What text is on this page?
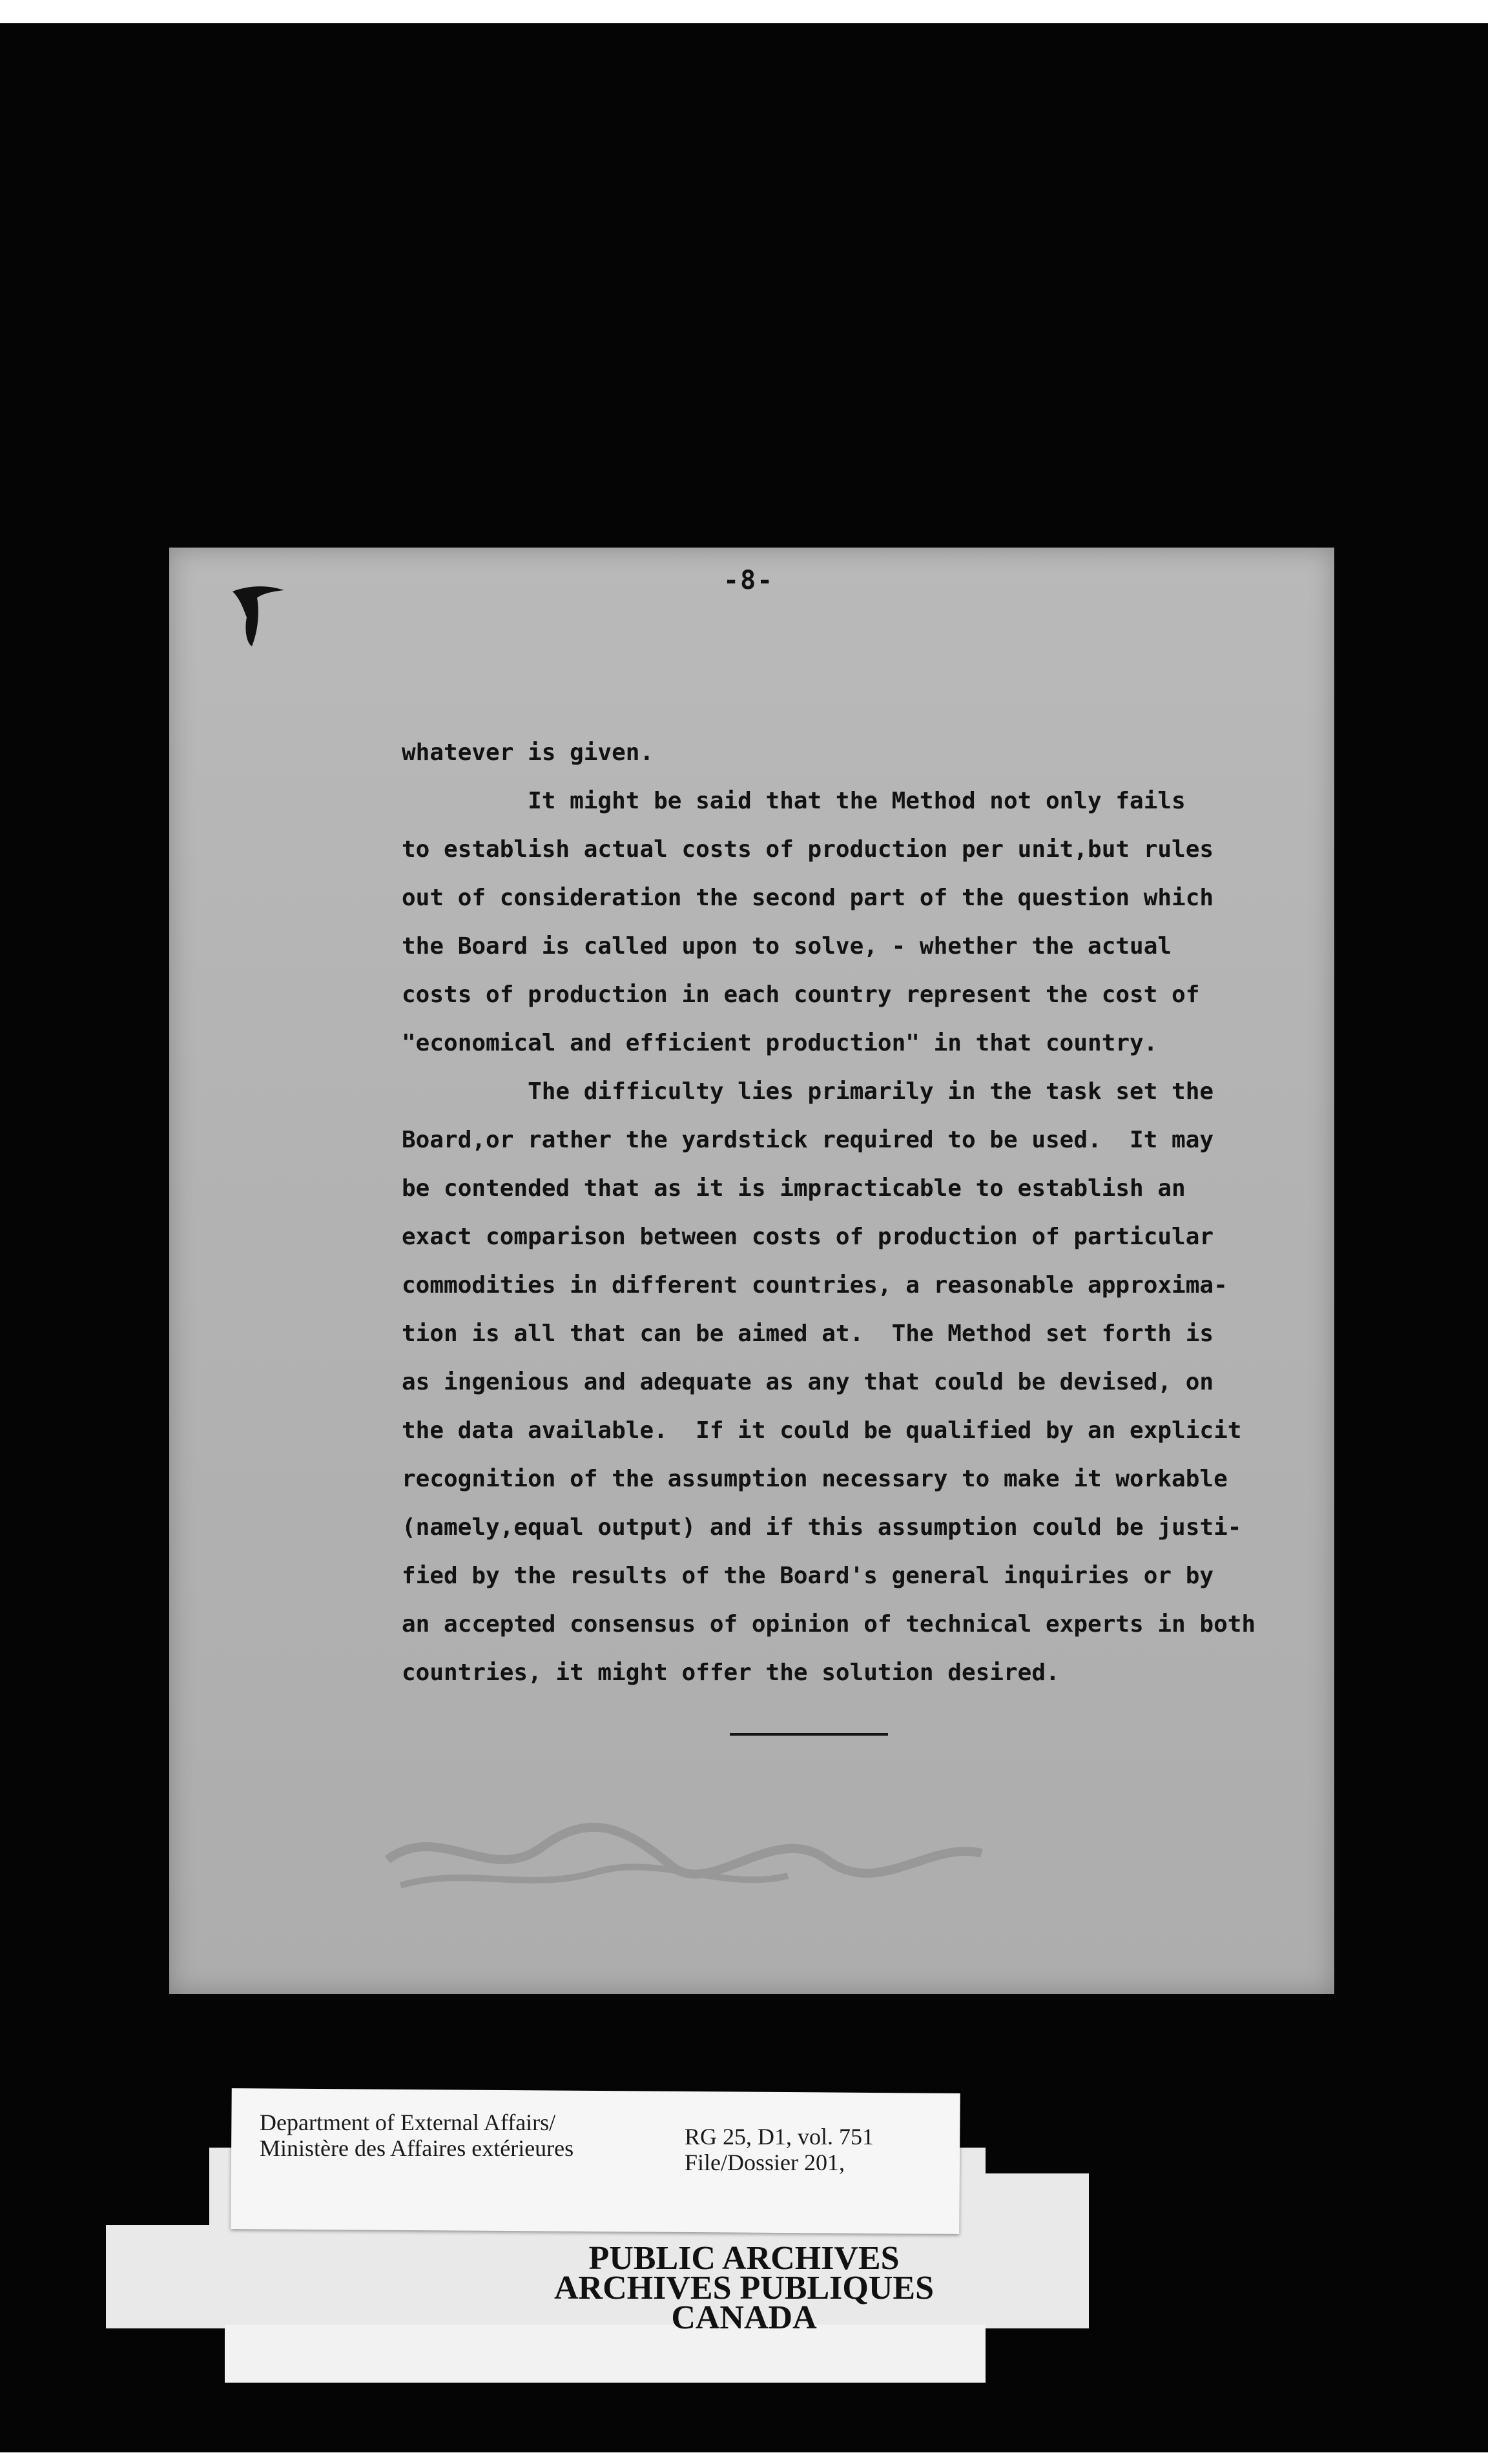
-8-
whatever is given.
It might be said that the Method not only fails
to establish actual costs of production per unit,but rules
out of consideration the second part of the question which
the Board is called upon to solve, - whether the actual
costs of production in each country represent the cost of
"economical and efficient production" in that country.
The difficulty lies primarily in the task set the
Board,or rather the yardstick required to be used.  It may
be contended that as it is impracticable to establish an
exact comparison between costs of production of particular
commodities in different countries, a reasonable approxima-
tion is all that can be aimed at.  The Method set forth is
as ingenious and adequate as any that could be devised, on
the data available.  If it could be qualified by an explicit
recognition of the assumption necessary to make it workable
(namely,equal output) and if this assumption could be justi-
fied by the results of the Board's general inquiries or by
an accepted consensus of opinion of technical experts in both
countries, it might offer the solution desired.
Department of External Affairs/
Ministère des Affaires extérieures	RG 25, D1, vol. 751
File/Dossier 201,
PUBLIC ARCHIVES
ARCHIVES PUBLIQUES
CANADA
